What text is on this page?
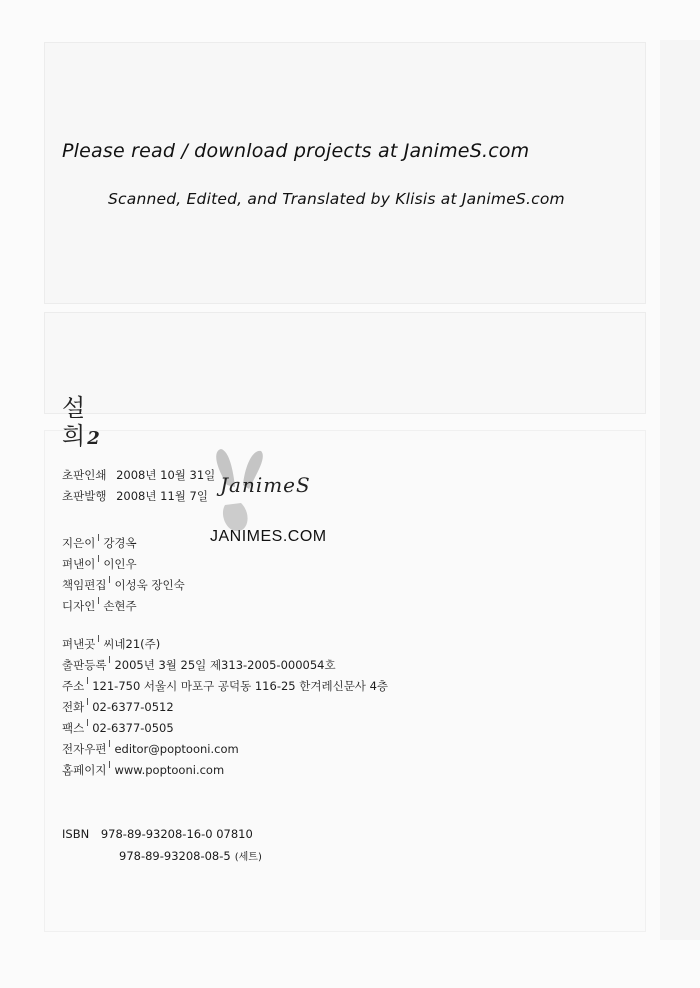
Please read / download projects at JanimeS.com
Scanned, Edited, and Translated by Klisis at JanimeS.com
설
희 2
초판인쇄 2008년 10월 31일
초판발행 2008년 11월 7일
지은이 강경옥
펴낸이 이인우
책임편집 이성욱 장인숙
디자인 손현주
펴낸곳 씨네21(주)
출판등록 2005년 3월 25일 제313-2005-000054호
주소 121-750 서울시 마포구 공덕동 116-25 한겨레신문사 4층
전화 02-6377-0512
팩스 02-6377-0505
전자우편 editor@poptooni.com
홈페이지 www.poptooni.com
ISBN 978-89-93208-16-0 07810
978-89-93208-08-5 (세트)
JanimeS
JANIMES.COM
